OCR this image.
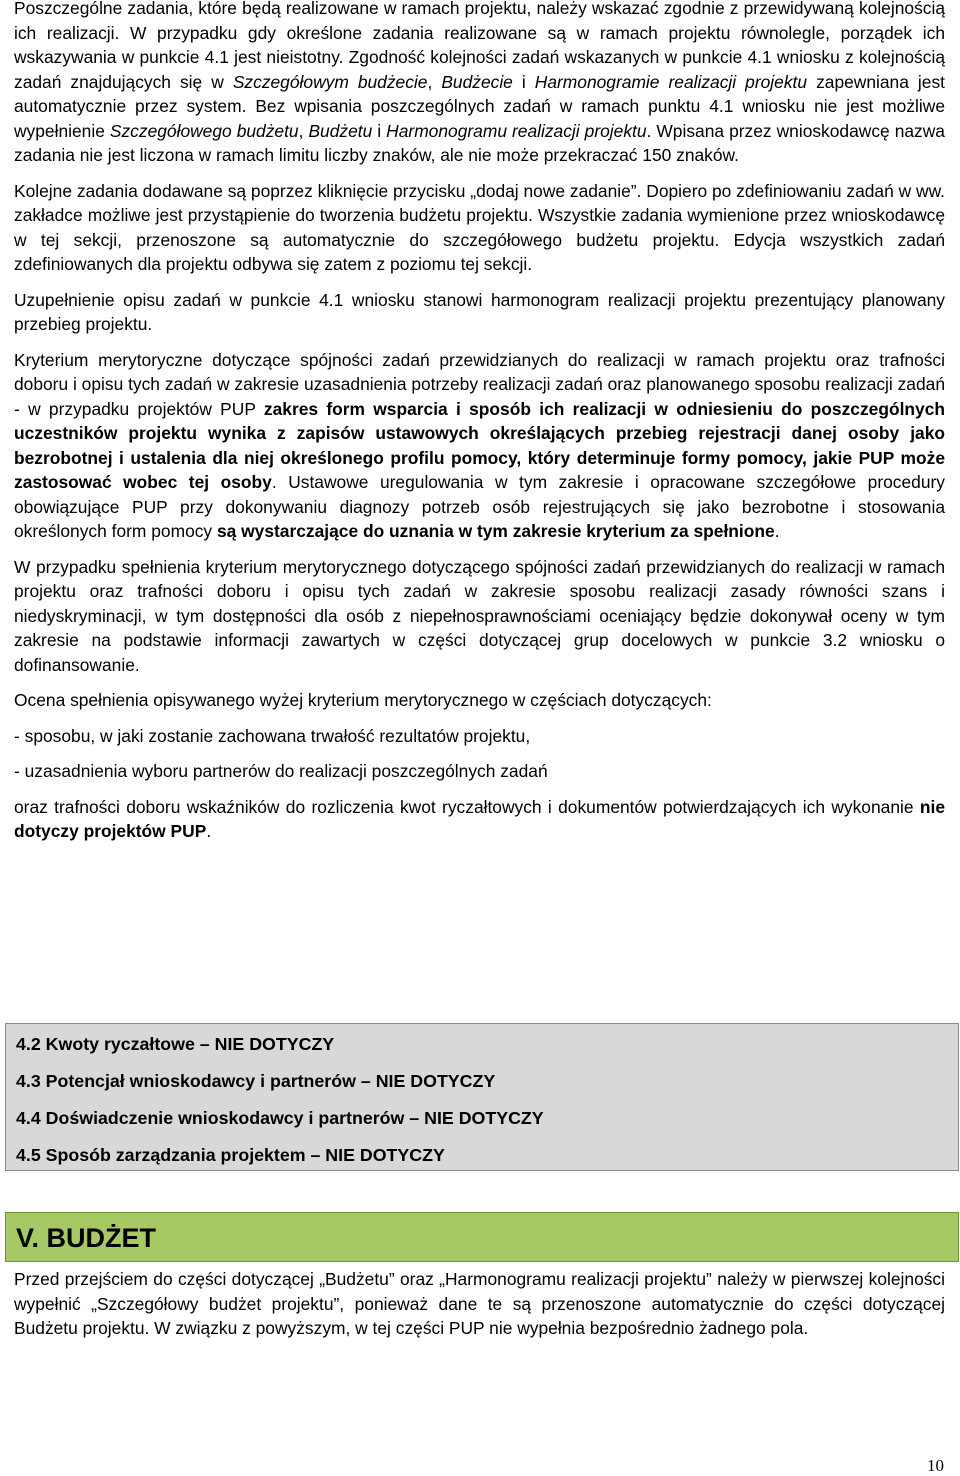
Poszczególne zadania, które będą realizowane w ramach projektu, należy wskazać zgodnie z przewidywaną kolejnością ich realizacji. W przypadku gdy określone zadania realizowane są w ramach projektu równolegle, porządek ich wskazywania w punkcie 4.1 jest nieistotny. Zgodność kolejności zadań wskazanych w punkcie 4.1 wniosku z kolejnością zadań znajdujących się w Szczegółowym budżecie, Budżecie i Harmonogramie realizacji projektu zapewniana jest automatycznie przez system. Bez wpisania poszczególnych zadań w ramach punktu 4.1 wniosku nie jest możliwe wypełnienie Szczegółowego budżetu, Budżetu i Harmonogramu realizacji projektu. Wpisana przez wnioskodawcę nazwa zadania nie jest liczona w ramach limitu liczby znaków, ale nie może przekraczać 150 znaków.

Kolejne zadania dodawane są poprzez kliknięcie przycisku „dodaj nowe zadanie”. Dopiero po zdefiniowaniu zadań w ww. zakładce możliwe jest przystąpienie do tworzenia budżetu projektu. Wszystkie zadania wymienione przez wnioskodawcę w tej sekcji, przenoszone są automatycznie do szczegółowego budżetu projektu. Edycja wszystkich zadań zdefiniowanych dla projektu odbywa się zatem z poziomu tej sekcji.

Uzupełnienie opisu zadań w punkcie 4.1 wniosku stanowi harmonogram realizacji projektu prezentujący planowany przebieg projektu.

Kryterium merytoryczne dotyczące spójności zadań przewidzianych do realizacji w ramach projektu oraz trafności doboru i opisu tych zadań w zakresie uzasadnienia potrzeby realizacji zadań oraz planowanego sposobu realizacji zadań - w przypadku projektów PUP zakres form wsparcia i sposób ich realizacji w odniesieniu do poszczególnych uczestników projektu wynika z zapisów ustawowych określających przebieg rejestracji danej osoby jako bezrobotnej i ustalenia dla niej określonego profilu pomocy, który determinuje formy pomocy, jakie PUP może zastosować wobec tej osoby. Ustawowe uregulowania w tym zakresie i opracowane szczegółowe procedury obowiązujące PUP przy dokonywaniu diagnozy potrzeb osób rejestrujących się jako bezrobotne i stosowania określonych form pomocy są wystarczające do uznania w tym zakresie kryterium za spełnione.

W przypadku spełnienia kryterium merytorycznego dotyczącego spójności zadań przewidzianych do realizacji w ramach projektu oraz trafności doboru i opisu tych zadań w zakresie sposobu realizacji zasady równości szans i niedyskryminacji, w tym dostępności dla osób z niepełnosprawnościami oceniający będzie dokonywał oceny w tym zakresie na podstawie informacji zawartych w części dotyczącej grup docelowych w punkcie 3.2 wniosku o dofinansowanie.

Ocena spełnienia opisywanego wyżej kryterium merytorycznego w częściach dotyczących:

- sposobu, w jaki zostanie zachowana trwałość rezultatów projektu,

- uzasadnienia wyboru partnerów do realizacji poszczególnych zadań

oraz trafności doboru wskaźników do rozliczenia kwot ryczałtowych i dokumentów potwierdzających ich wykonanie nie dotyczy projektów PUP.

4.2 Kwoty ryczałtowe – NIE DOTYCZY
4.3 Potencjał wnioskodawcy i partnerów – NIE DOTYCZY
4.4 Doświadczenie wnioskodawcy i partnerów – NIE DOTYCZY
4.5 Sposób zarządzania projektem – NIE DOTYCZY
V. BUDŻET

Przed przejściem do części dotyczącej „Budżetu” oraz „Harmonogramu realizacji projektu” należy w pierwszej kolejności wypełnić „Szczegółowy budżet projektu”, ponieważ dane te są przenoszone automatycznie do części dotyczącej Budżetu projektu. W związku z powyższym, w tej części PUP nie wypełnia bezpośrednio żadnego pola.

10
